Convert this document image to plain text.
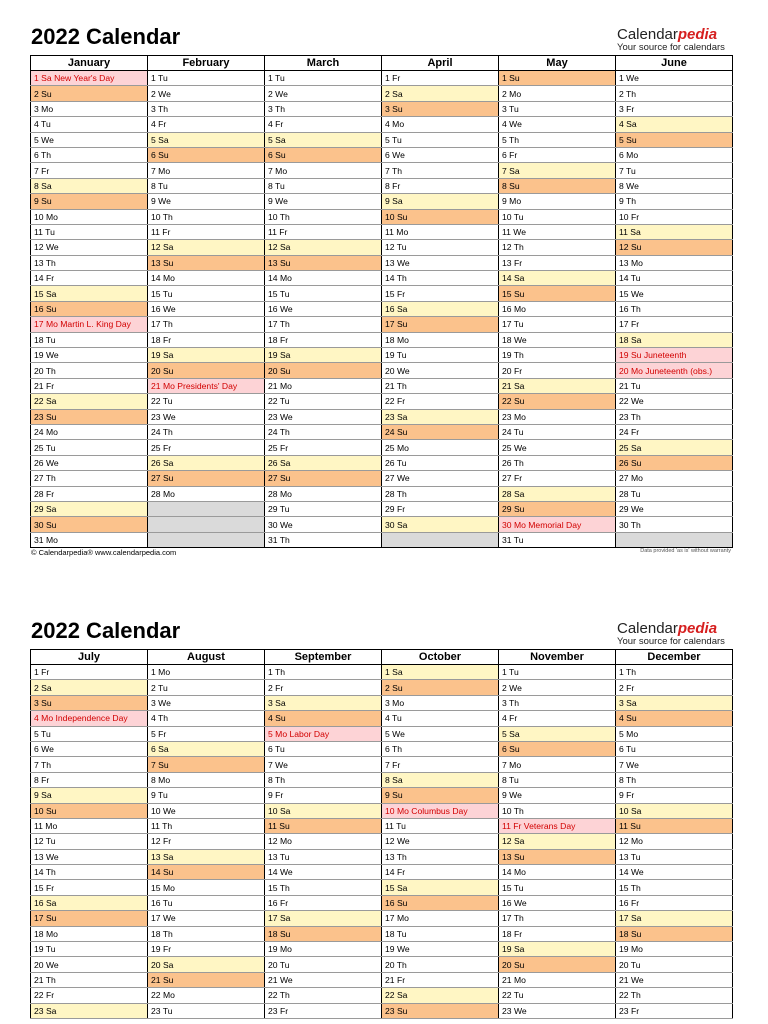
2022 Calendar	Calendarpedia
Your source for calendars
January	February	March	April	May	June
1 Sa New Year's Day	1 Tu	1 Tu	1 Fr	1 Su	1 We
2 Su	2 We	2 We	2 Sa	2 Mo	2 Th
3 Mo	3 Th	3 Th	3 Su	3 Tu	3 Fr
4 Tu	4 Fr	4 Fr	4 Mo	4 We	4 Sa
5 We	5 Sa	5 Sa	5 Tu	5 Th	5 Su
6 Th	6 Su	6 Su	6 We	6 Fr	6 Mo
7 Fr	7 Mo	7 Mo	7 Th	7 Sa	7 Tu
8 Sa	8 Tu	8 Tu	8 Fr	8 Su	8 We
9 Su	9 We	9 We	9 Sa	9 Mo	9 Th
10 Mo	10 Th	10 Th	10 Su	10 Tu	10 Fr
11 Tu	11 Fr	11 Fr	11 Mo	11 We	11 Sa
12 We	12 Sa	12 Sa	12 Tu	12 Th	12 Su
13 Th	13 Su	13 Su	13 We	13 Fr	13 Mo
14 Fr	14 Mo	14 Mo	14 Th	14 Sa	14 Tu
15 Sa	15 Tu	15 Tu	15 Fr	15 Su	15 We
16 Su	16 We	16 We	16 Sa	16 Mo	16 Th
17 Mo Martin L. King Day	17 Th	17 Th	17 Su	17 Tu	17 Fr
18 Tu	18 Fr	18 Fr	18 Mo	18 We	18 Sa
19 We	19 Sa	19 Sa	19 Tu	19 Th	19 Su Juneteenth
20 Th	20 Su	20 Su	20 We	20 Fr	20 Mo Juneteenth (obs.)
21 Fr	21 Mo Presidents' Day	21 Mo	21 Th	21 Sa	21 Tu
22 Sa	22 Tu	22 Tu	22 Fr	22 Su	22 We
23 Su	23 We	23 We	23 Sa	23 Mo	23 Th
24 Mo	24 Th	24 Th	24 Su	24 Tu	24 Fr
25 Tu	25 Fr	25 Fr	25 Mo	25 We	25 Sa
26 We	26 Sa	26 Sa	26 Tu	26 Th	26 Su
27 Th	27 Su	27 Su	27 We	27 Fr	27 Mo
28 Fr	28 Mo	28 Mo	28 Th	28 Sa	28 Tu
29 Sa		29 Tu	29 Fr	29 Su	29 We
30 Su		30 We	30 Sa	30 Mo Memorial Day	30 Th
31 Mo		31 Th		31 Tu	
© Calendarpedia® www.calendarpedia.com	Data provided 'as is' without warranty
2022 Calendar	Calendarpedia
Your source for calendars
July	August	September	October	November	December
1 Fr	1 Mo	1 Th	1 Sa	1 Tu	1 Th
2 Sa	2 Tu	2 Fr	2 Su	2 We	2 Fr
3 Su	3 We	3 Sa	3 Mo	3 Th	3 Sa
4 Mo Independence Day	4 Th	4 Su	4 Tu	4 Fr	4 Su
5 Tu	5 Fr	5 Mo Labor Day	5 We	5 Sa	5 Mo
6 We	6 Sa	6 Tu	6 Th	6 Su	6 Tu
7 Th	7 Su	7 We	7 Fr	7 Mo	7 We
8 Fr	8 Mo	8 Th	8 Sa	8 Tu	8 Th
9 Sa	9 Tu	9 Fr	9 Su	9 We	9 Fr
10 Su	10 We	10 Sa	10 Mo Columbus Day	10 Th	10 Sa
11 Mo	11 Th	11 Su	11 Tu	11 Fr Veterans Day	11 Su
12 Tu	12 Fr	12 Mo	12 We	12 Sa	12 Mo
13 We	13 Sa	13 Tu	13 Th	13 Su	13 Tu
14 Th	14 Su	14 We	14 Fr	14 Mo	14 We
15 Fr	15 Mo	15 Th	15 Sa	15 Tu	15 Th
16 Sa	16 Tu	16 Fr	16 Su	16 We	16 Fr
17 Su	17 We	17 Sa	17 Mo	17 Th	17 Sa
18 Mo	18 Th	18 Su	18 Tu	18 Fr	18 Su
19 Tu	19 Fr	19 Mo	19 We	19 Sa	19 Mo
20 We	20 Sa	20 Tu	20 Th	20 Su	20 Tu
21 Th	21 Su	21 We	21 Fr	21 Mo	21 We
22 Fr	22 Mo	22 Th	22 Sa	22 Tu	22 Th
23 Sa	23 Tu	23 Fr	23 Su	23 We	23 Fr
